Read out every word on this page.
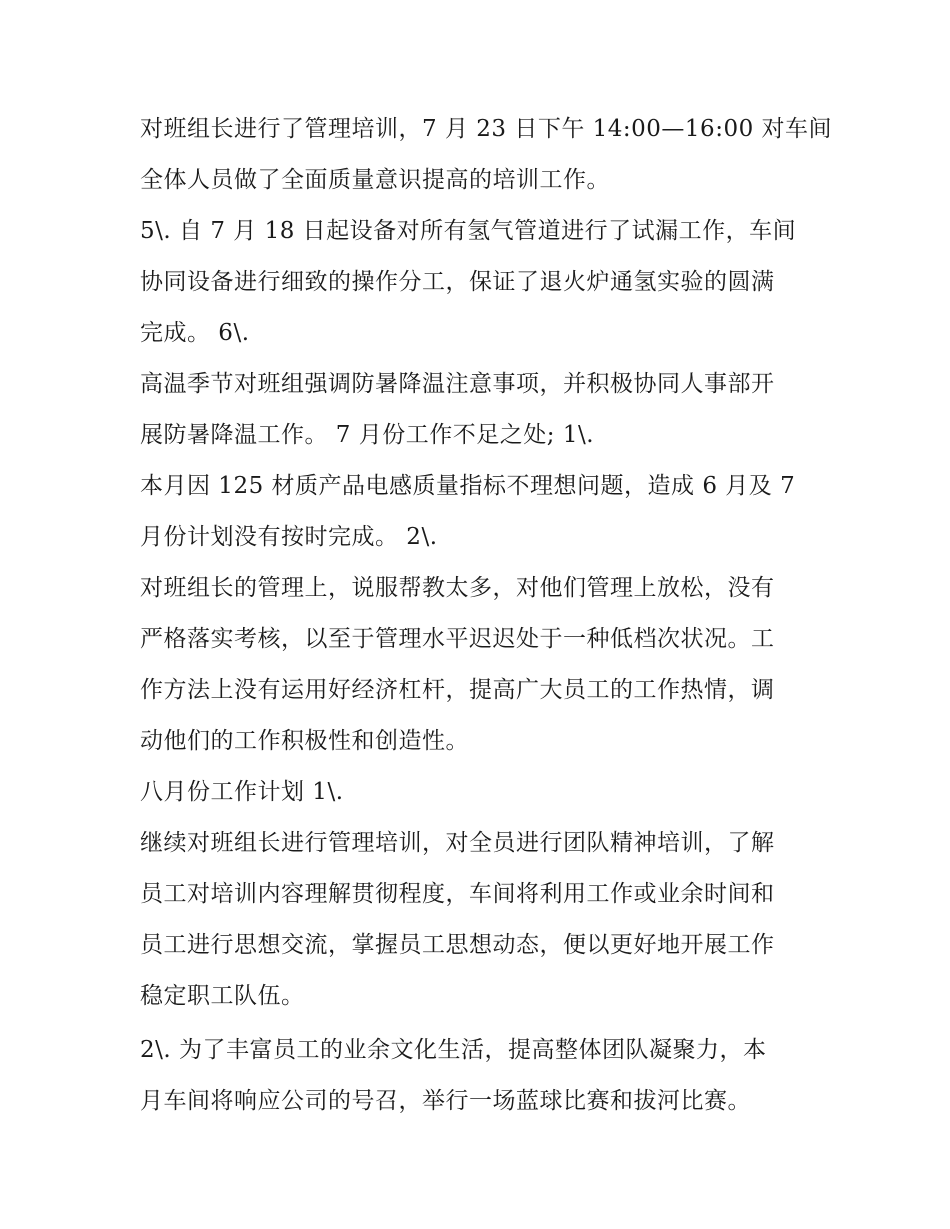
对班组长进行了管理培训，7 月 23 日下午 14:00—16:00 对车间
全体人员做了全面质量意识提高的培训工作。
5\. 自 7 月 18 日起设备对所有氢气管道进行了试漏工作，车间
协同设备进行细致的操作分工，保证了退火炉通氢实验的圆满
完成。 6\.
高温季节对班组强调防暑降温注意事项，并积极协同人事部开
展防暑降温工作。 7 月份工作不足之处; 1\.
本月因 125 材质产品电感质量指标不理想问题，造成 6 月及 7
月份计划没有按时完成。 2\.
对班组长的管理上，说服帮教太多，对他们管理上放松，没有
严格落实考核，以至于管理水平迟迟处于一种低档次状况。工
作方法上没有运用好经济杠杆，提高广大员工的工作热情，调
动他们的工作积极性和创造性。
八月份工作计划 1\.
继续对班组长进行管理培训，对全员进行团队精神培训，了解
员工对培训内容理解贯彻程度，车间将利用工作或业余时间和
员工进行思想交流，掌握员工思想动态，便以更好地开展工作
稳定职工队伍。
2\. 为了丰富员工的业余文化生活，提高整体团队凝聚力，本
月车间将响应公司的号召，举行一场蓝球比赛和拔河比赛。
